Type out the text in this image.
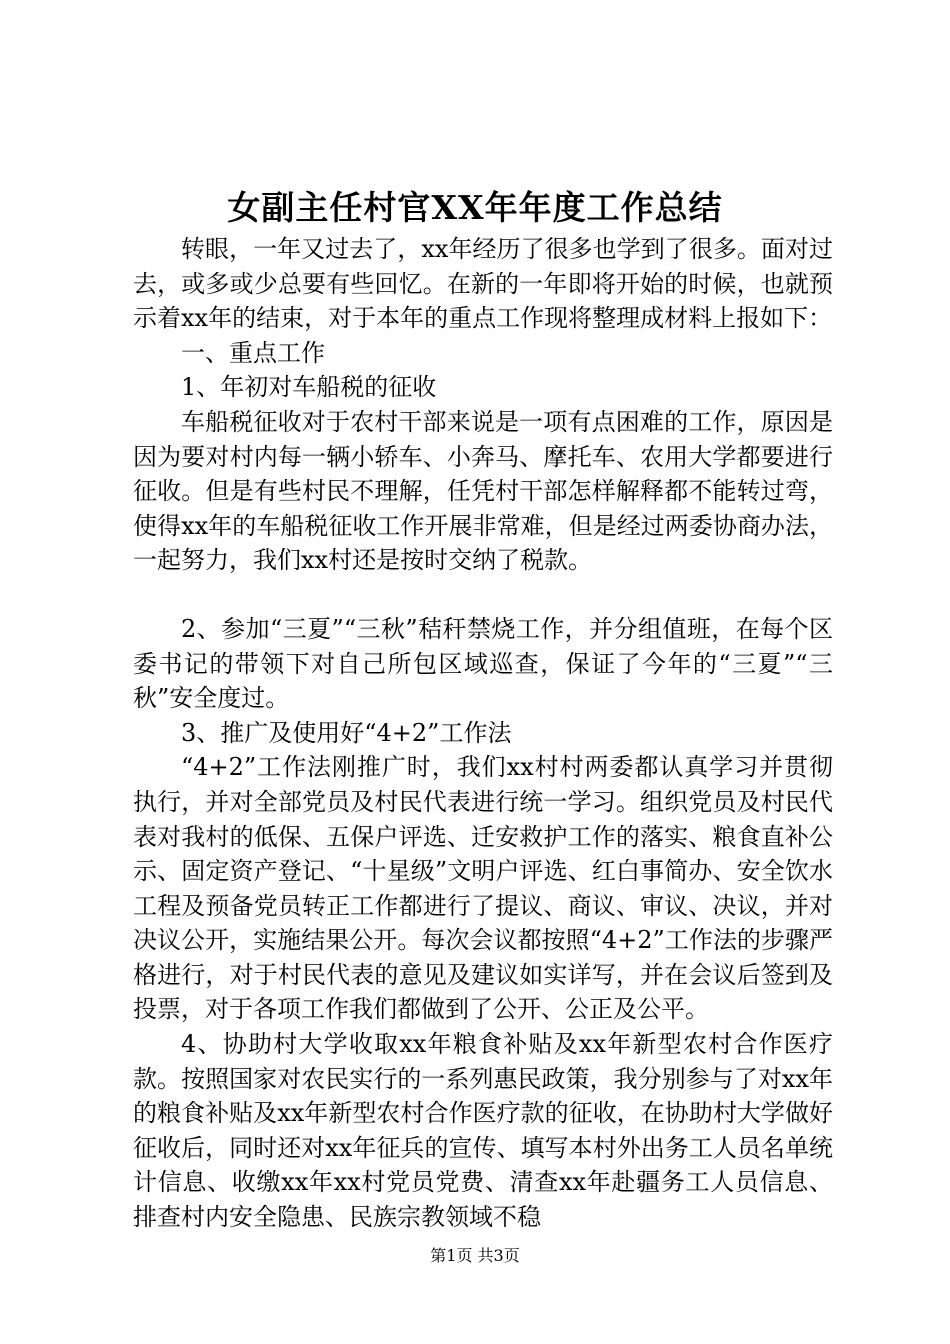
女副主任村官XX年年度工作总结

转眼，一年又过去了，xx年经历了很多也学到了很多。面对过去，或多或少总要有些回忆。在新的一年即将开始的时候，也就预示着xx年的结束，对于本年的重点工作现将整理成材料上报如下：

一、重点工作

1、年初对车船税的征收

车船税征收对于农村干部来说是一项有点困难的工作，原因是因为要对村内每一辆小轿车、小奔马、摩托车、农用大学都要进行征收。但是有些村民不理解，任凭村干部怎样解释都不能转过弯，使得xx年的车船税征收工作开展非常难，但是经过两委协商办法，一起努力，我们xx村还是按时交纳了税款。

2、参加“三夏”“三秋”秸秆禁烧工作，并分组值班，在每个区委书记的带领下对自己所包区域巡查，保证了今年的“三夏”“三秋”安全度过。

3、推广及使用好“4+2”工作法

“4+2”工作法刚推广时，我们xx村村两委都认真学习并贯彻执行，并对全部党员及村民代表进行统一学习。组织党员及村民代表对我村的低保、五保户评选、迁安救护工作的落实、粮食直补公示、固定资产登记、“十星级”文明户评选、红白事简办、安全饮水工程及预备党员转正工作都进行了提议、商议、审议、决议，并对决议公开，实施结果公开。每次会议都按照“4+2”工作法的步骤严格进行，对于村民代表的意见及建议如实详写，并在会议后签到及投票，对于各项工作我们都做到了公开、公正及公平。

4、协助村大学收取xx年粮食补贴及xx年新型农村合作医疗款。按照国家对农民实行的一系列惠民政策，我分别参与了对xx年的粮食补贴及xx年新型农村合作医疗款的征收，在协助村大学做好征收后，同时还对xx年征兵的宣传、填写本村外出务工人员名单统计信息、收缴xx年xx村党员党费、清查xx年赴疆务工人员信息、排查村内安全隐患、民族宗教领域不稳

第1页 共3页
